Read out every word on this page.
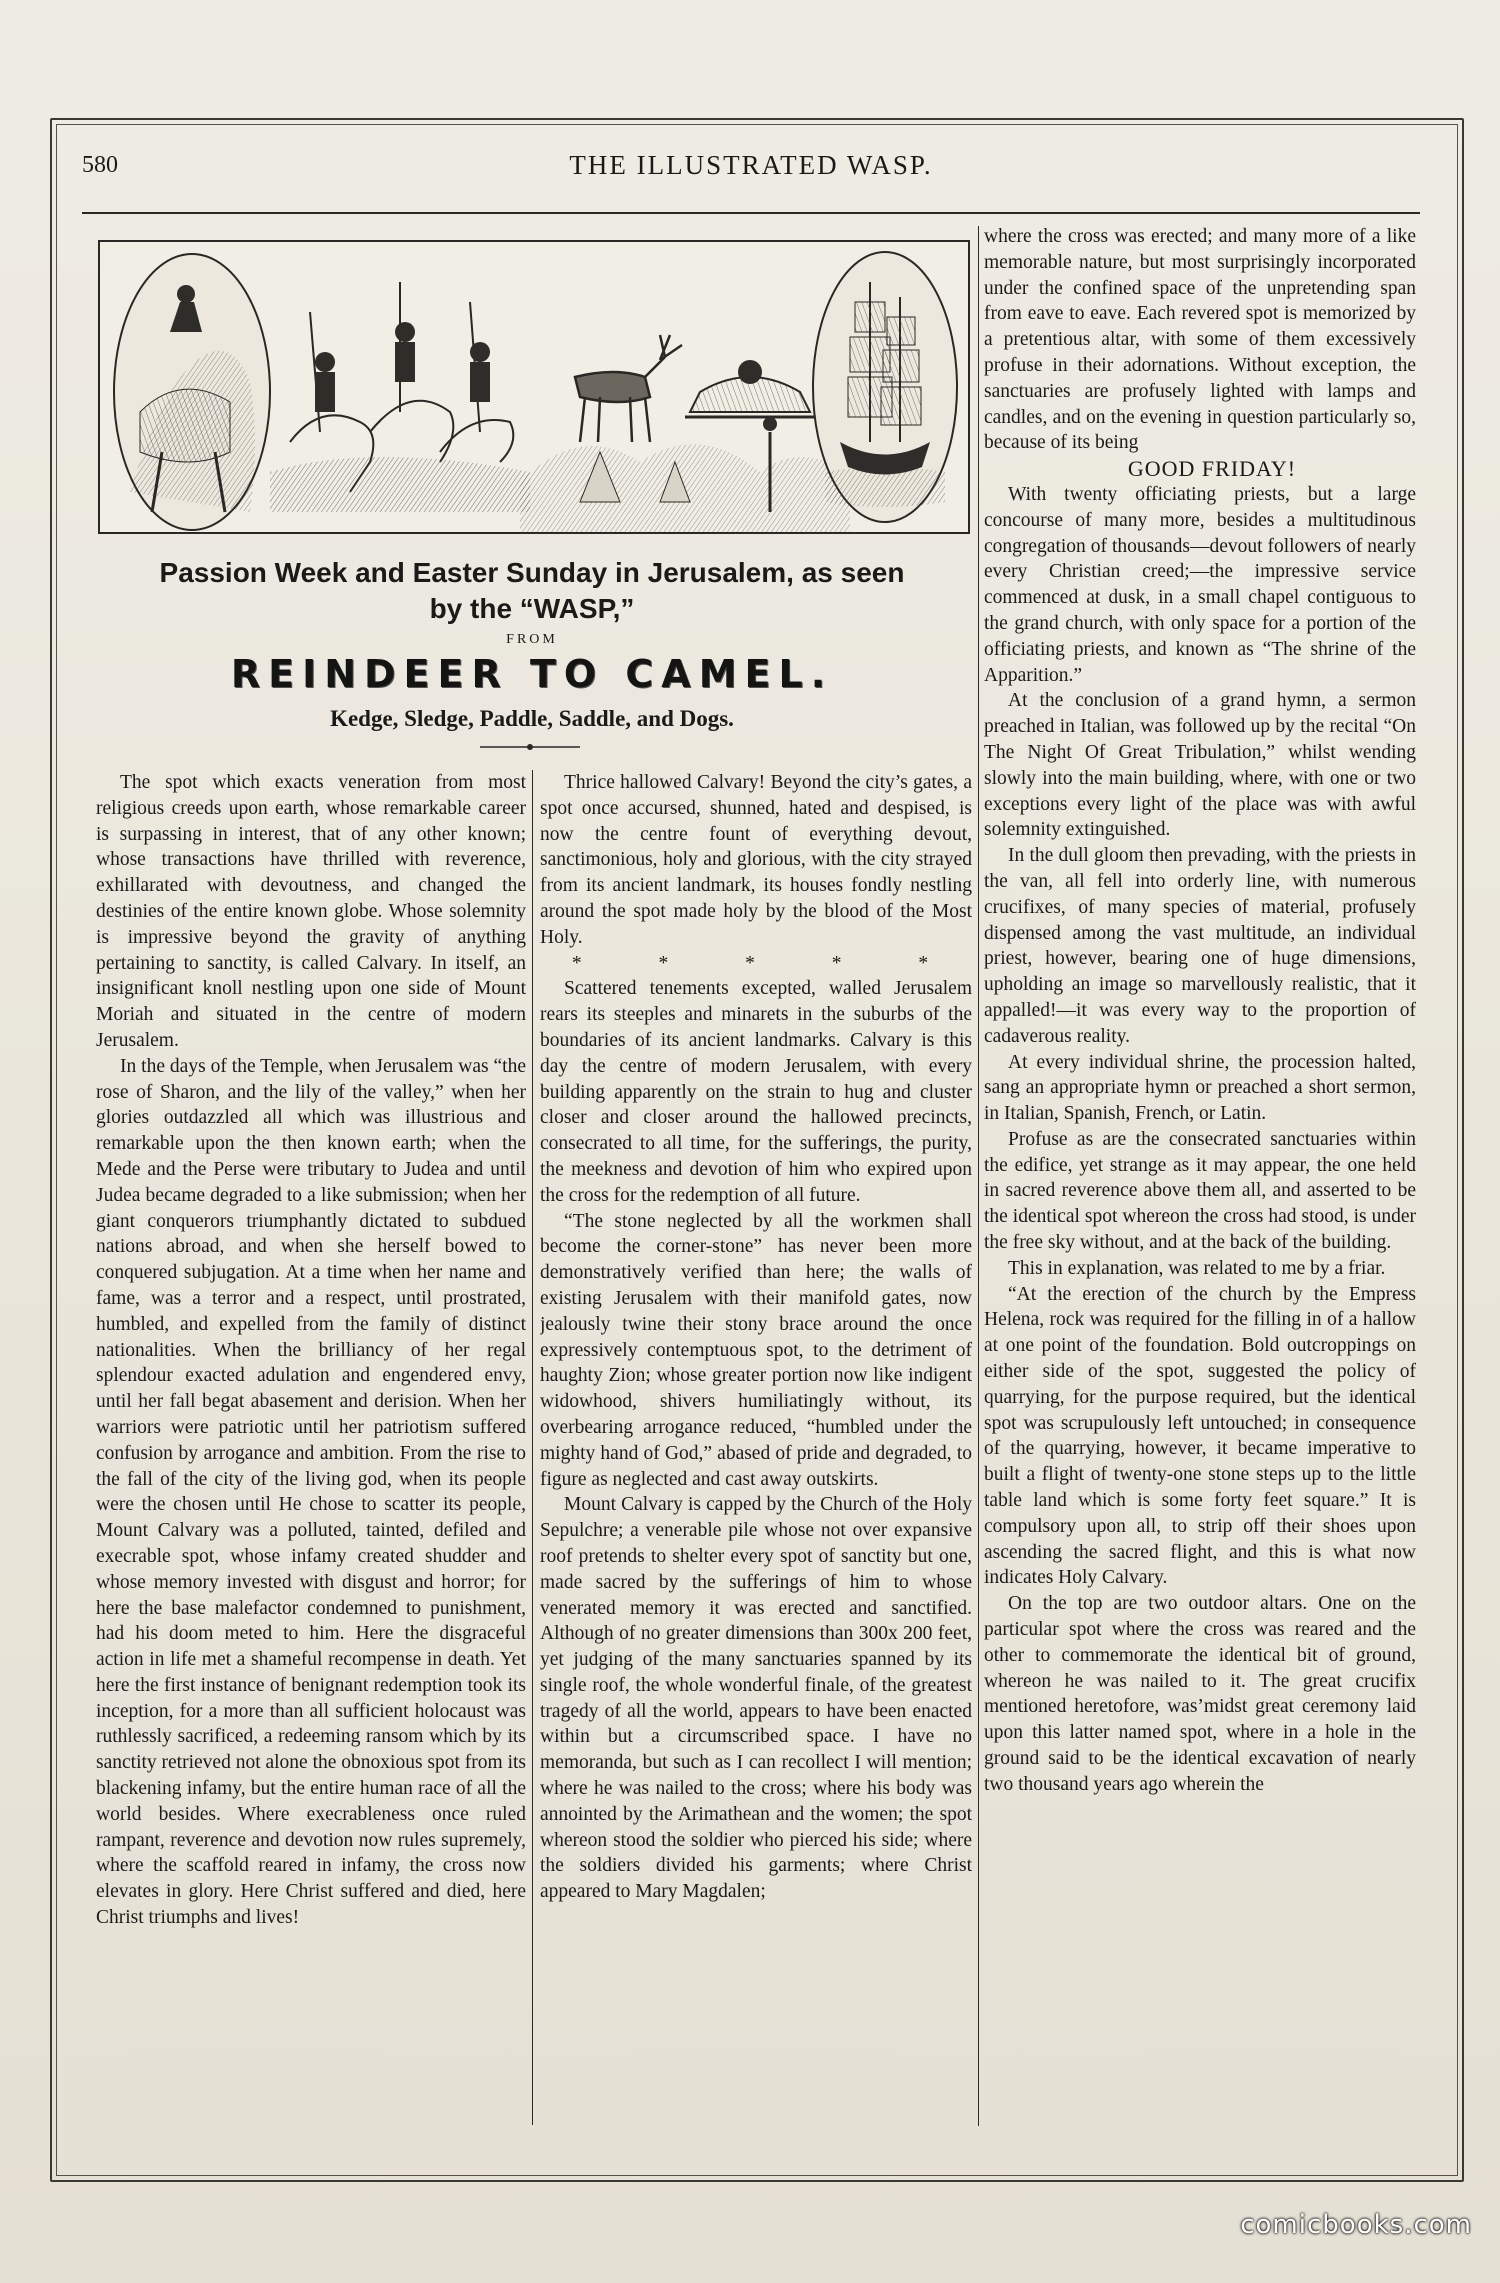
580	THE ILLUSTRATED WASP.
Passion Week and Easter Sunday in Jerusalem, as seen
by the “WASP,”
FROM
REINDEER TO CAMEL.
Kedge, Sledge, Paddle, Saddle, and Dogs.

The spot which exacts veneration from most religious creeds upon earth, whose remarkable career is surpassing in interest, that of any other known; whose transactions have thrilled with reverence, exhillarated with devoutness, and changed the destinies of the entire known globe. Whose solemnity is impressive beyond the gravity of anything pertaining to sanctity, is called Calvary. In itself, an insignificant knoll nestling upon one side of Mount Moriah and situated in the centre of modern Jerusalem.

In the days of the Temple, when Jerusalem was “the rose of Sharon, and the lily of the valley,” when her glories outdazzled all which was illustrious and remarkable upon the then known earth; when the Mede and the Perse were tributary to Judea and until Judea became degraded to a like submission; when her giant conquerors triumphantly dictated to subdued nations abroad, and when she herself bowed to conquered subjugation. At a time when her name and fame, was a terror and a respect, until prostrated, humbled, and expelled from the family of distinct nationalities. When the brilliancy of her regal splendour exacted adulation and engendered envy, until her fall begat abasement and derision. When her warriors were patriotic until her patriotism suffered confusion by arrogance and ambition. From the rise to the fall of the city of the living god, when its people were the chosen until He chose to scatter its people, Mount Calvary was a polluted, tainted, defiled and execrable spot, whose infamy created shudder and whose memory invested with disgust and horror; for here the base malefactor condemned to punishment, had his doom meted to him. Here the disgraceful action in life met a shameful recompense in death. Yet here the first instance of benignant redemption took its inception, for a more than all sufficient holocaust was ruthlessly sacrificed, a redeeming ransom which by its sanctity retrieved not alone the obnoxious spot from its blackening infamy, but the entire human race of all the world besides. Where execrableness once ruled rampant, reverence and devotion now rules supremely, where the scaffold reared in infamy, the cross now elevates in glory. Here Christ suffered and died, here Christ triumphs and lives!

Thrice hallowed Calvary! Beyond the city’s gates, a spot once accursed, shunned, hated and despised, is now the centre fount of everything devout, sanctimonious, holy and glorious, with the city strayed from its ancient landmark, its houses fondly nestling around the spot made holy by the blood of the Most Holy.

* * * * *

Scattered tenements excepted, walled Jerusalem rears its steeples and minarets in the suburbs of the boundaries of its ancient landmarks. Calvary is this day the centre of modern Jerusalem, with every building apparently on the strain to hug and cluster closer and closer around the hallowed precincts, consecrated to all time, for the sufferings, the purity, the meekness and devotion of him who expired upon the cross for the redemption of all future.

“The stone neglected by all the workmen shall become the corner-stone” has never been more demonstratively verified than here; the walls of existing Jerusalem with their manifold gates, now jealously twine their stony brace around the once expressively contemptuous spot, to the detriment of haughty Zion; whose greater portion now like indigent widowhood, shivers humiliatingly without, its overbearing arrogance reduced, “humbled under the mighty hand of God,” abased of pride and degraded, to figure as neglected and cast away outskirts.

Mount Calvary is capped by the Church of the Holy Sepulchre; a venerable pile whose not over expansive roof pretends to shelter every spot of sanctity but one, made sacred by the sufferings of him to whose venerated memory it was erected and sanctified. Although of no greater dimensions than 300x 200 feet, yet judging of the many sanctuaries spanned by its single roof, the whole wonderful finale, of the greatest tragedy of all the world, appears to have been enacted within but a circumscribed space. I have no memoranda, but such as I can recollect I will mention; where he was nailed to the cross; where his body was annointed by the Arimathean and the women; the spot whereon stood the soldier who pierced his side; where the soldiers divided his garments; where Christ appeared to Mary Magdalen;

where the cross was erected; and many more of a like memorable nature, but most surprisingly incorporated under the confined space of the unpretending span from eave to eave. Each revered spot is memorized by a pretentious altar, with some of them excessively profuse in their adornations. Without exception, the sanctuaries are profusely lighted with lamps and candles, and on the evening in question particularly so, because of its being

GOOD FRIDAY!

With twenty officiating priests, but a large concourse of many more, besides a multitudinous congregation of thousands—devout followers of nearly every Christian creed;—the impressive service commenced at dusk, in a small chapel contiguous to the grand church, with only space for a portion of the officiating priests, and known as “The shrine of the Apparition.”

At the conclusion of a grand hymn, a sermon preached in Italian, was followed up by the recital “On The Night Of Great Tribulation,” whilst wending slowly into the main building, where, with one or two exceptions every light of the place was with awful solemnity extinguished.

In the dull gloom then prevading, with the priests in the van, all fell into orderly line, with numerous crucifixes, of many species of material, profusely dispensed among the vast multitude, an individual priest, however, bearing one of huge dimensions, upholding an image so marvellously realistic, that it appalled!—it was every way to the proportion of cadaverous reality.

At every individual shrine, the procession halted, sang an appropriate hymn or preached a short sermon, in Italian, Spanish, French, or Latin.

Profuse as are the consecrated sanctuaries within the edifice, yet strange as it may appear, the one held in sacred reverence above them all, and asserted to be the identical spot whereon the cross had stood, is under the free sky without, and at the back of the building.

This in explanation, was related to me by a friar.

“At the erection of the church by the Empress Helena, rock was required for the filling in of a hallow at one point of the foundation. Bold outcroppings on either side of the spot, suggested the policy of quarrying, for the purpose required, but the identical spot was scrupulously left untouched; in consequence of the quarrying, however, it became imperative to built a flight of twenty-one stone steps up to the little table land which is some forty feet square.” It is compulsory upon all, to strip off their shoes upon ascending the sacred flight, and this is what now indicates Holy Calvary.

On the top are two outdoor altars. One on the particular spot where the cross was reared and the other to commemorate the identical bit of ground, whereon he was nailed to it. The great crucifix mentioned heretofore, was’midst great ceremony laid upon this latter named spot, where in a hole in the ground said to be the identical excavation of nearly two thousand years ago wherein the

comicbooks.com
